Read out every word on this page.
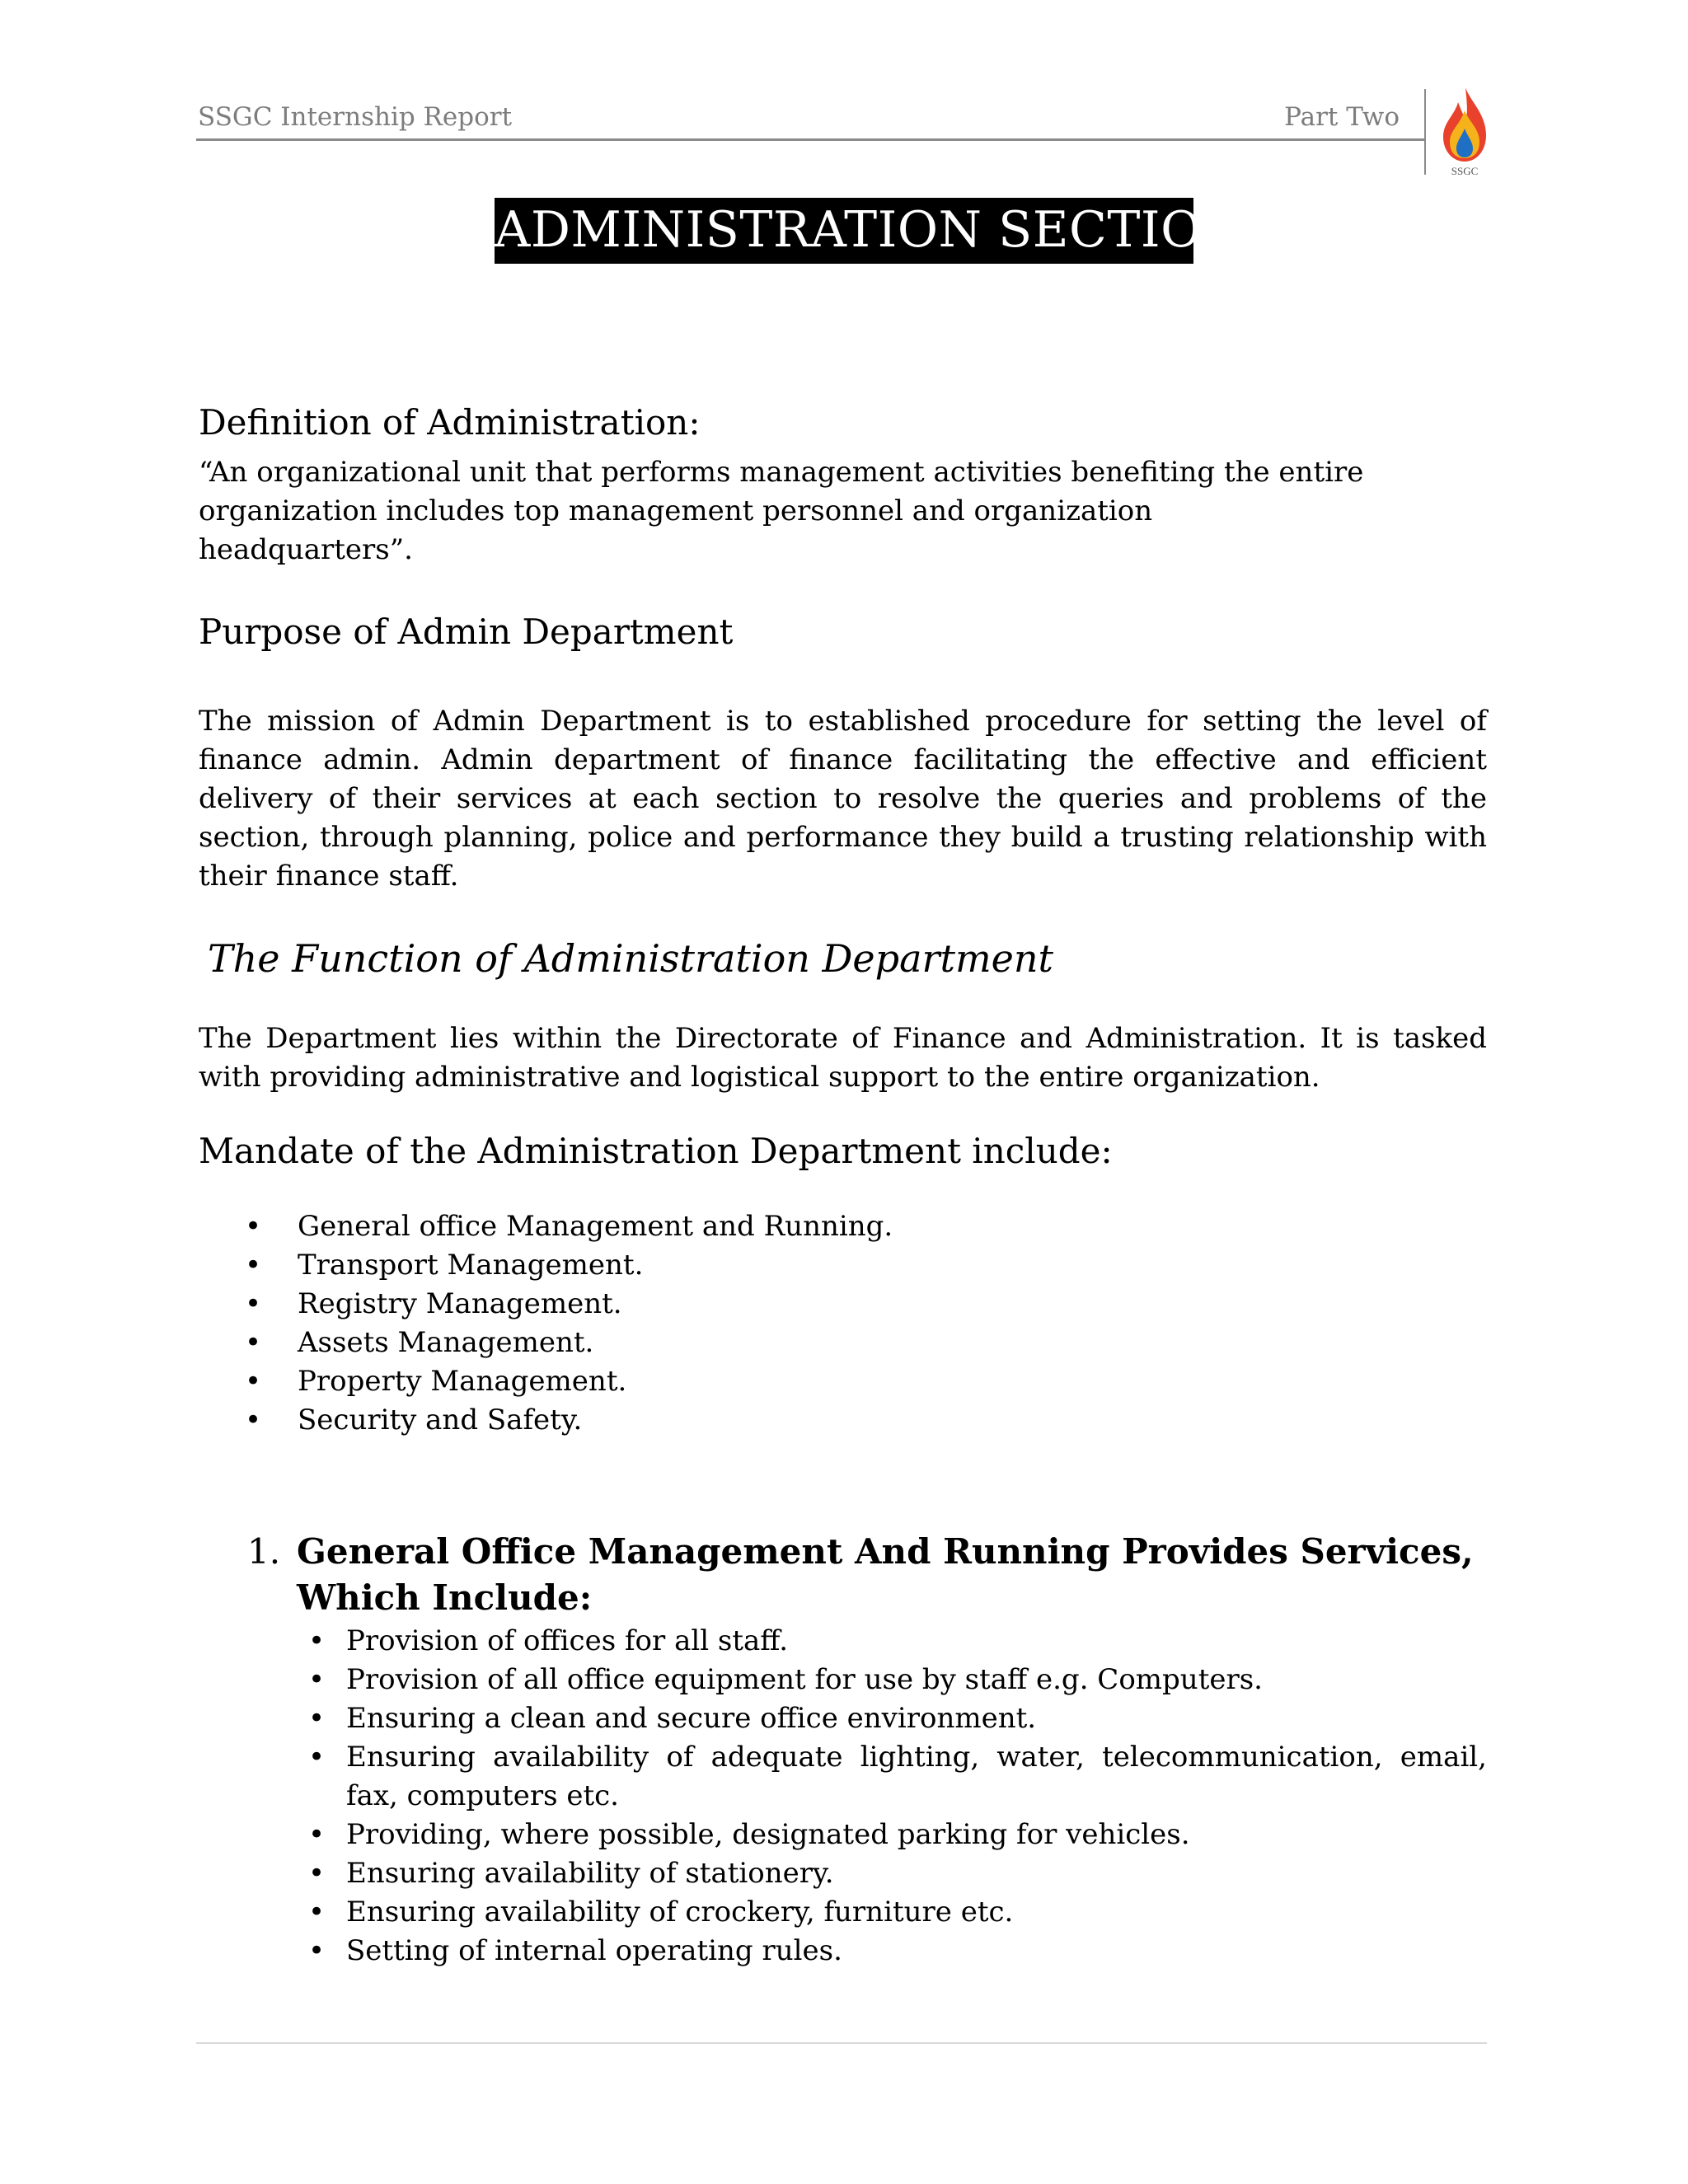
SSGC Internship Report	Part Two
SSGC
ADMINISTRATION SECTION
Definition of Administration:
“An organizational unit that performs management activities benefiting the entire organization includes top management personnel and organization headquarters”.
Purpose of Admin Department
The mission of Admin Department is to established procedure for setting the level of finance admin. Admin department of finance facilitating the effective and efficient delivery of their services at each section to resolve the queries and problems of the section, through planning, police and performance they build a trusting relationship with their finance staff.
The Function of Administration Department
The Department lies within the Directorate of Finance and Administration. It is tasked with providing administrative and logistical support to the entire organization.
Mandate of the Administration Department include:
• General office Management and Running.
• Transport Management.
• Registry Management.
• Assets Management.
• Property Management.
• Security and Safety.
1. General Office Management And Running Provides Services, Which Include:
• Provision of offices for all staff.
• Provision of all office equipment for use by staff e.g. Computers.
• Ensuring a clean and secure office environment.
• Ensuring availability of adequate lighting, water, telecommunication, email, fax, computers etc.
• Providing, where possible, designated parking for vehicles.
• Ensuring availability of stationery.
• Ensuring availability of crockery, furniture etc.
• Setting of internal operating rules.
